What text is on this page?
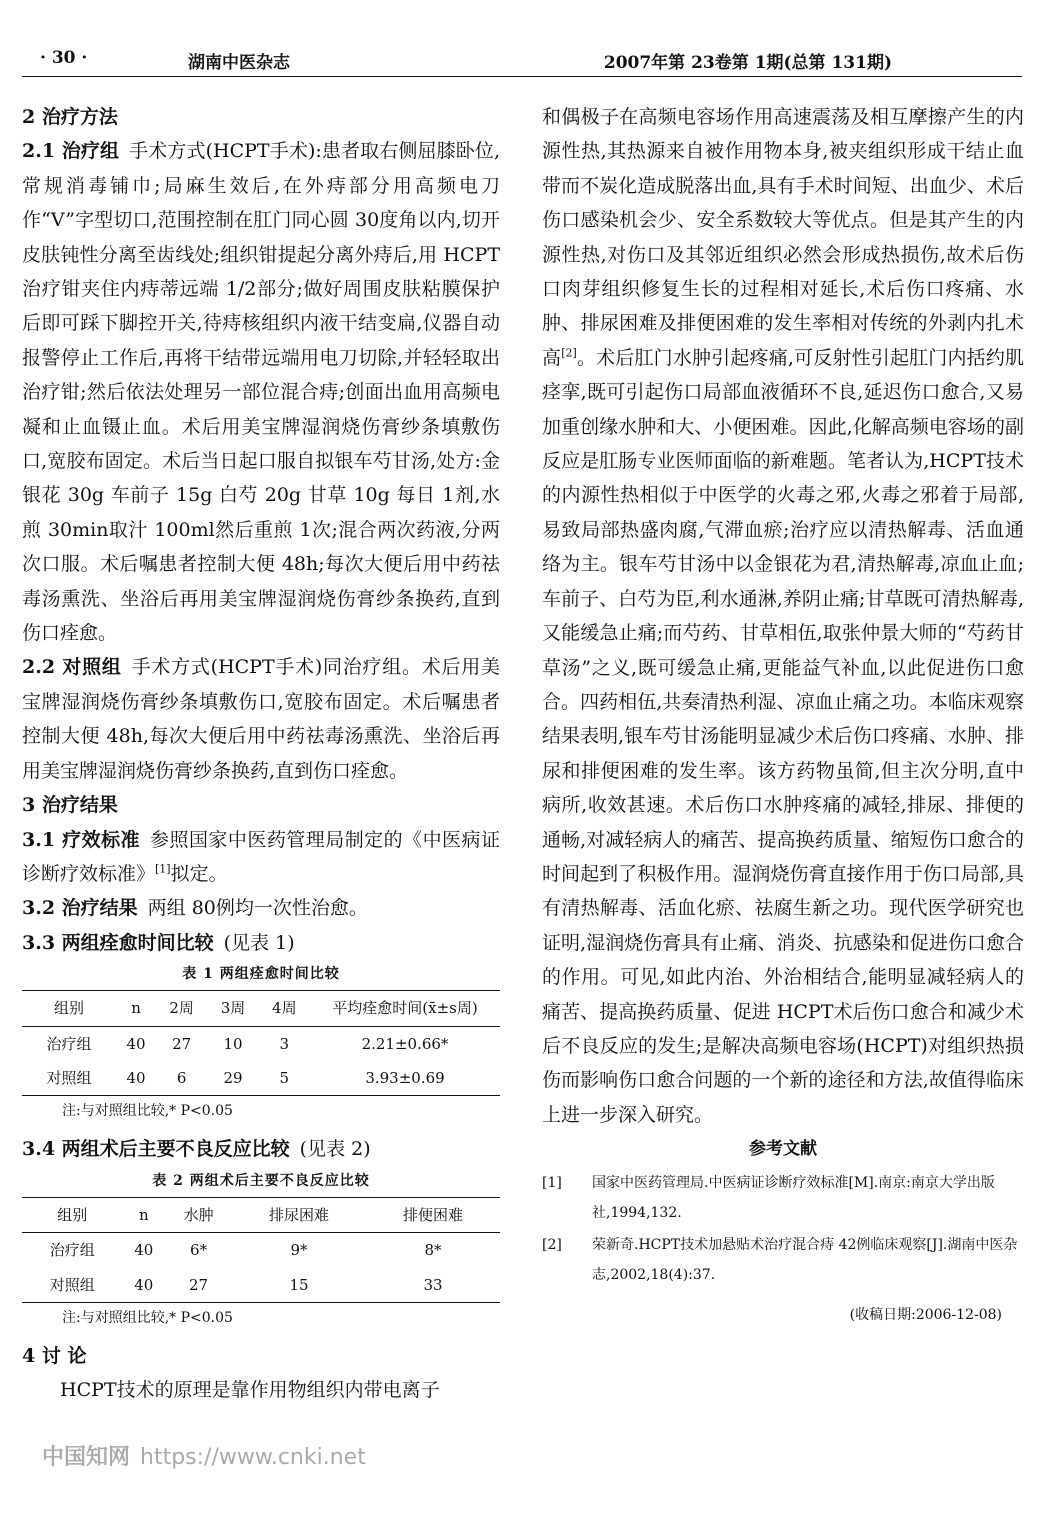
· 30 ·	湖南中医杂志	2007年第 23卷第 1期(总第 131期)
2 治疗方法

2.1 治疗组 手术方式(HCPT手术):患者取右侧屈膝卧位,常规消毒铺巾;局麻生效后,在外痔部分用高频电刀作“V”字型切口,范围控制在肛门同心圆 30度角以内,切开皮肤钝性分离至齿线处;组织钳提起分离外痔后,用 HCPT治疗钳夹住内痔蒂远端 1/2部分;做好周围皮肤粘膜保护后即可踩下脚控开关,待痔核组织内液干结变扁,仪器自动报警停止工作后,再将干结带远端用电刀切除,并轻轻取出治疗钳;然后依法处理另一部位混合痔;创面出血用高频电凝和止血镊止血。术后用美宝牌湿润烧伤膏纱条填敷伤口,宽胶布固定。术后当日起口服自拟银车芍甘汤,处方:金银花 30g 车前子 15g 白芍 20g 甘草 10g 每日 1剂,水煎 30min取汁 100ml然后重煎 1次;混合两次药液,分两次口服。术后嘱患者控制大便 48h;每次大便后用中药祛毒汤熏洗、坐浴后再用美宝牌湿润烧伤膏纱条换药,直到伤口痊愈。

2.2 对照组 手术方式(HCPT手术)同治疗组。术后用美宝牌湿润烧伤膏纱条填敷伤口,宽胶布固定。术后嘱患者控制大便 48h,每次大便后用中药祛毒汤熏洗、坐浴后再用美宝牌湿润烧伤膏纱条换药,直到伤口痊愈。

3 治疗结果

3.1 疗效标准 参照国家中医药管理局制定的《中医病证诊断疗效标准》[1]拟定。

3.2 治疗结果 两组 80例均一次性治愈。

3.3 两组痊愈时间比较 (见表 1)

表 1 两组痊愈时间比较
组别	n	2周	3周	4周	平均痊愈时间(x̄±s周)
治疗组	40	27	10	3	2.21±0.66*
对照组	40	6	29	5	3.93±0.69
注:与对照组比较,* P<0.05

3.4 两组术后主要不良反应比较 (见表 2)

表 2 两组术后主要不良反应比较
组别	n	水肿	排尿困难	排便困难
治疗组	40	6*	9*	8*
对照组	40	27	15	33
注:与对照组比较,* P<0.05
4 讨 论

HCPT技术的原理是靠作用物组织内带电离子

和偶极子在高频电容场作用高速震荡及相互摩擦产生的内源性热,其热源来自被作用物本身,被夹组织形成干结止血带而不炭化造成脱落出血,具有手术时间短、出血少、术后伤口感染机会少、安全系数较大等优点。但是其产生的内源性热,对伤口及其邻近组织必然会形成热损伤,故术后伤口肉芽组织修复生长的过程相对延长,术后伤口疼痛、水肿、排尿困难及排便困难的发生率相对传统的外剥内扎术高[2]。术后肛门水肿引起疼痛,可反射性引起肛门内括约肌痉挛,既可引起伤口局部血液循环不良,延迟伤口愈合,又易加重创缘水肿和大、小便困难。因此,化解高频电容场的副反应是肛肠专业医师面临的新难题。笔者认为,HCPT技术的内源性热相似于中医学的火毒之邪,火毒之邪着于局部,易致局部热盛肉腐,气滞血瘀;治疗应以清热解毒、活血通络为主。银车芍甘汤中以金银花为君,清热解毒,凉血止血;车前子、白芍为臣,利水通淋,养阴止痛;甘草既可清热解毒,又能缓急止痛;而芍药、甘草相伍,取张仲景大师的“芍药甘草汤”之义,既可缓急止痛,更能益气补血,以此促进伤口愈合。四药相伍,共奏清热利湿、凉血止痛之功。本临床观察结果表明,银车芍甘汤能明显减少术后伤口疼痛、水肿、排尿和排便困难的发生率。该方药物虽简,但主次分明,直中病所,收效甚速。术后伤口水肿疼痛的减轻,排尿、排便的通畅,对减轻病人的痛苦、提高换药质量、缩短伤口愈合的时间起到了积极作用。湿润烧伤膏直接作用于伤口局部,具有清热解毒、活血化瘀、祛腐生新之功。现代医学研究也证明,湿润烧伤膏具有止痛、消炎、抗感染和促进伤口愈合的作用。可见,如此内治、外治相结合,能明显减轻病人的痛苦、提高换药质量、促进 HCPT术后伤口愈合和减少术后不良反应的发生;是解决高频电容场(HCPT)对组织热损伤而影响伤口愈合问题的一个新的途径和方法,故值得临床上进一步深入研究。

参考文献
[1] 国家中医药管理局.中医病证诊断疗效标准[M].南京:南京大学出版社,1994,132.
[2] 荣新奇.HCPT技术加悬贴术治疗混合痔 42例临床观察[J].湖南中医杂志,2002,18(4):37.
(收稿日期:2006-12-08)
中国知网 https://www.cnki.net
